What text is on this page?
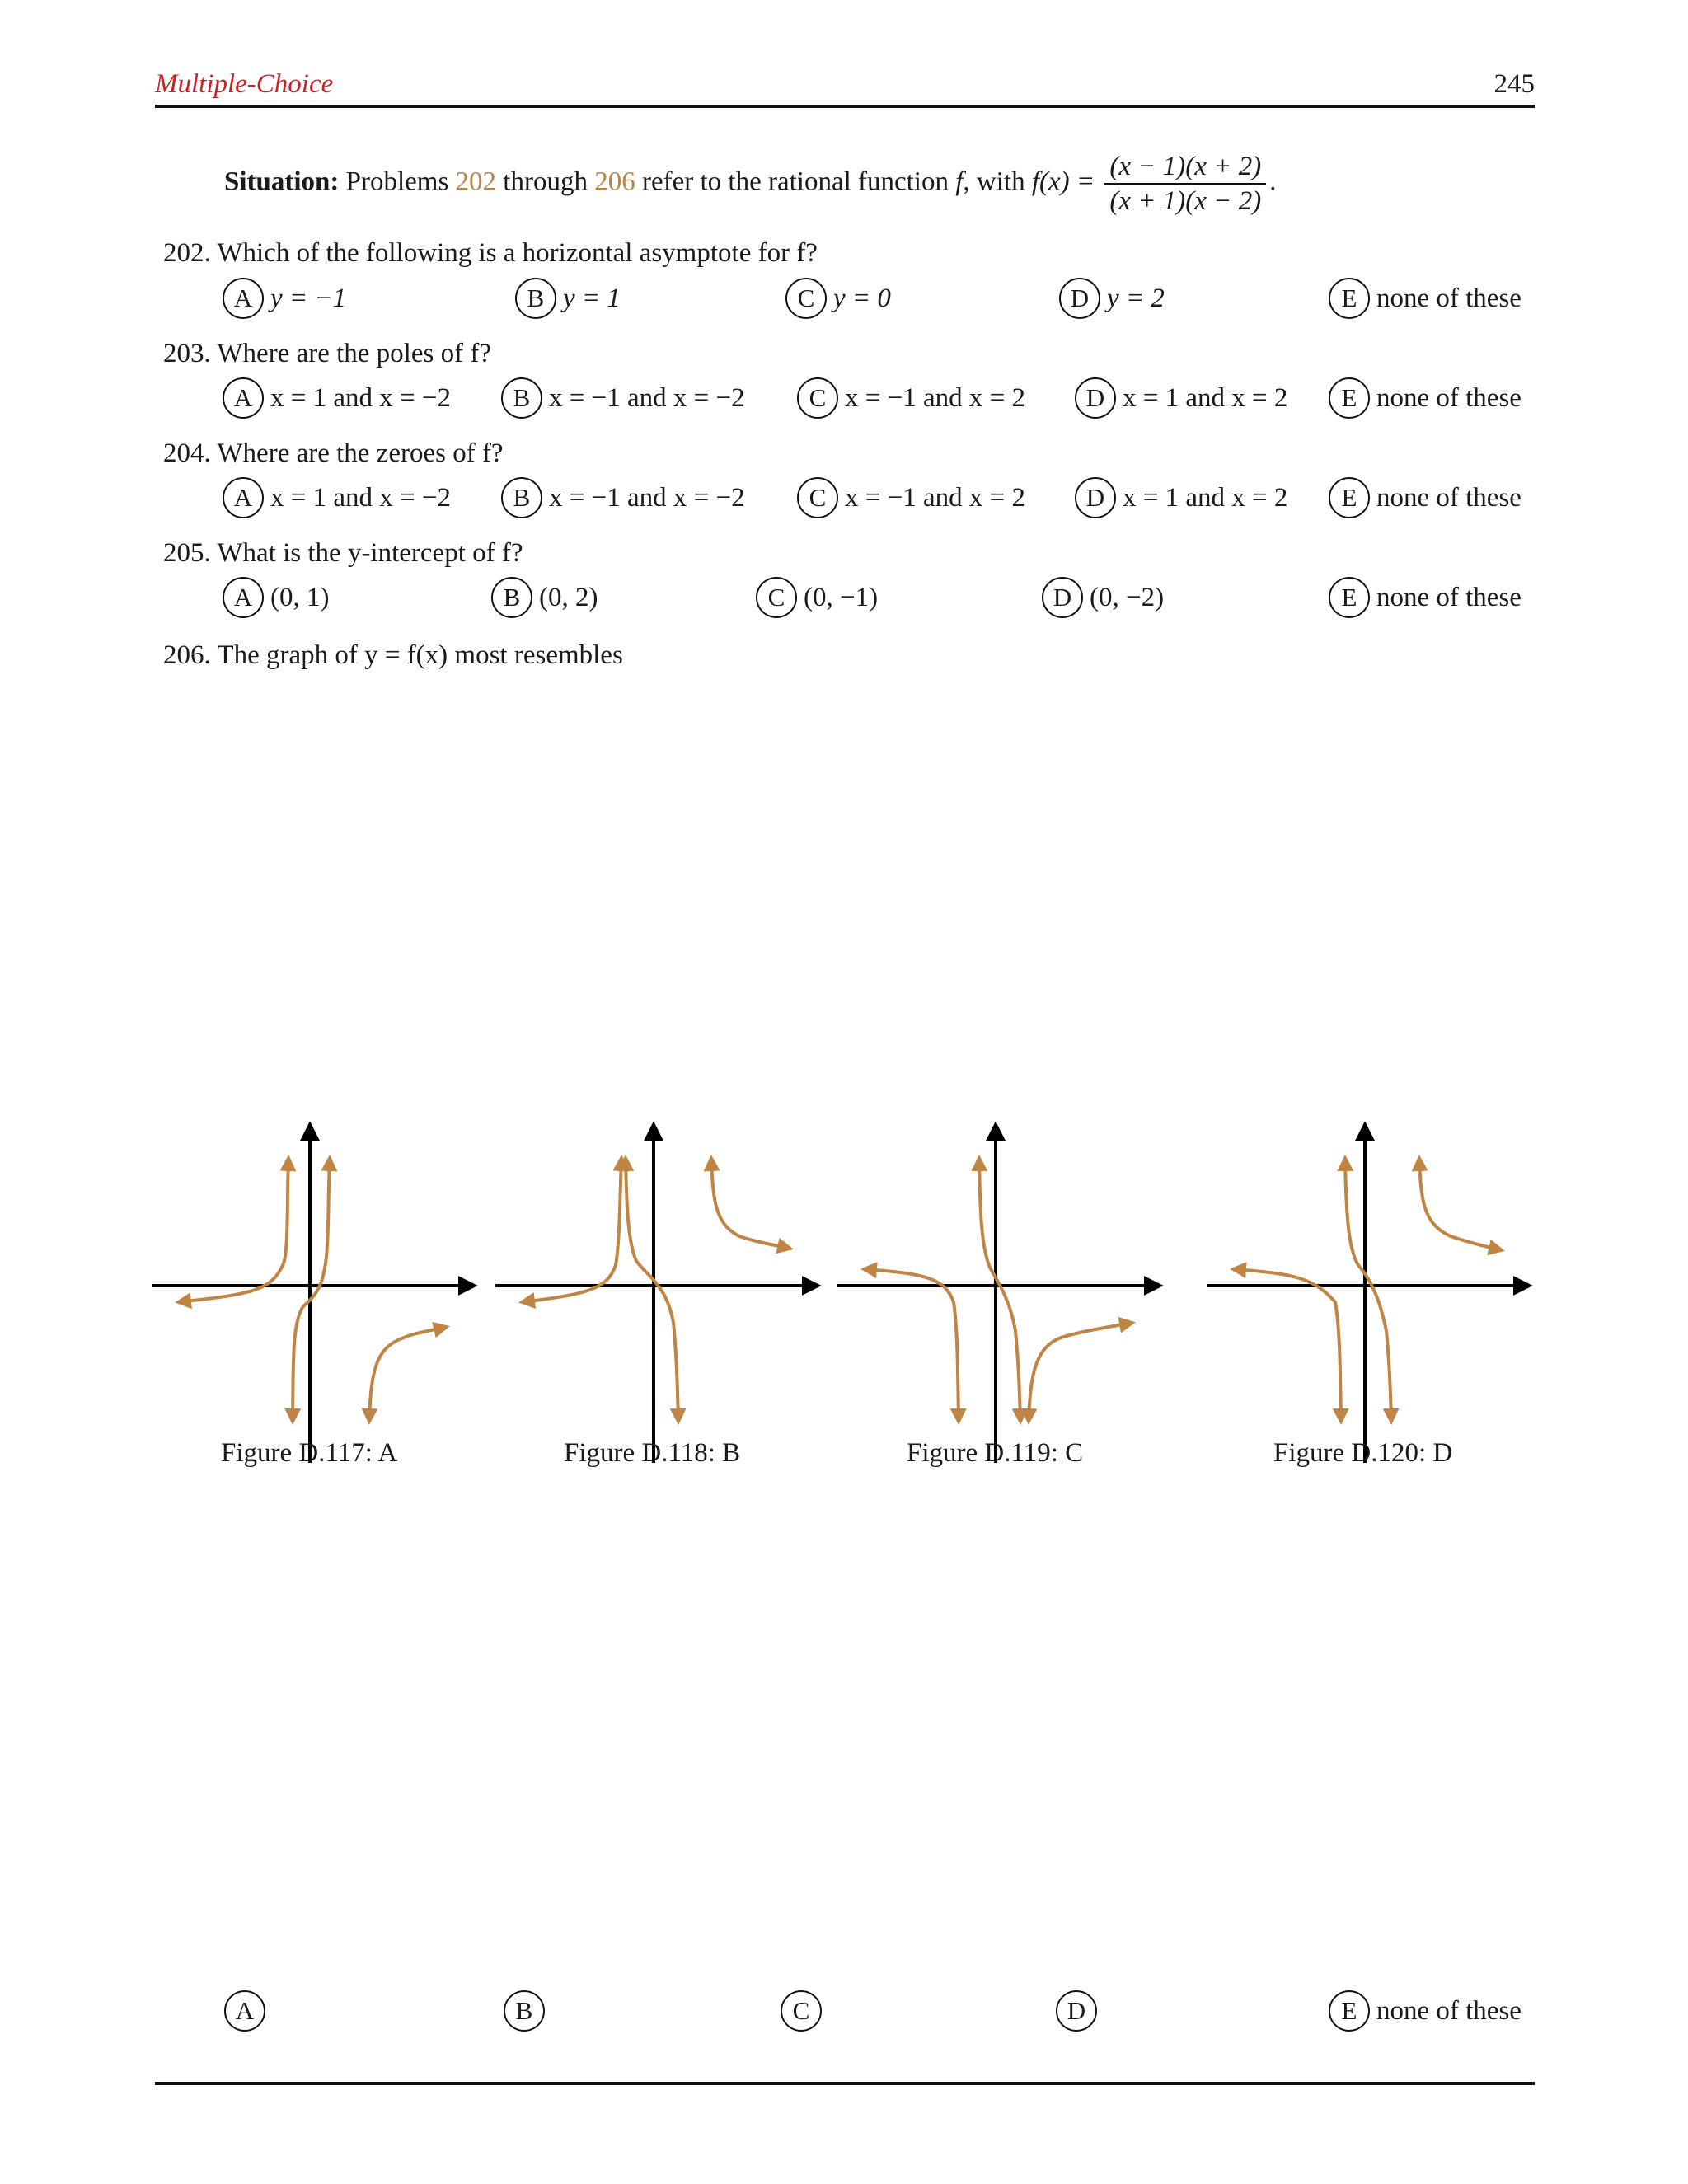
Multiple-Choice	245
Situation: Problems 202 through 206 refer to the rational function f, with $f(x) = \frac{(x - 1)(x + 2)}{(x + 1)(x - 2)}$ .
202. Which of the following is a horizontal asymptote for f?
A y = −1	B y = 1	C y = 0	D y = 2	E none of these
203. Where are the poles of f?
A x = 1 and x = −2	B x = −1 and x = −2	C x = −1 and x = 2	D x = 1 and x = 2	E none of these
204. Where are the zeroes of f?
A x = 1 and x = −2	B x = −1 and x = −2	C x = −1 and x = 2	D x = 1 and x = 2	E none of these
205. What is the y-intercept of f?
A (0, 1)	B (0, 2)	C (0, −1)	D (0, −2)	E none of these
206. The graph of y = f(x) most resembles
Figure D.117: A	Figure D.118: B	Figure D.119: C	Figure D.120: D
A	B	C	D	E none of these
